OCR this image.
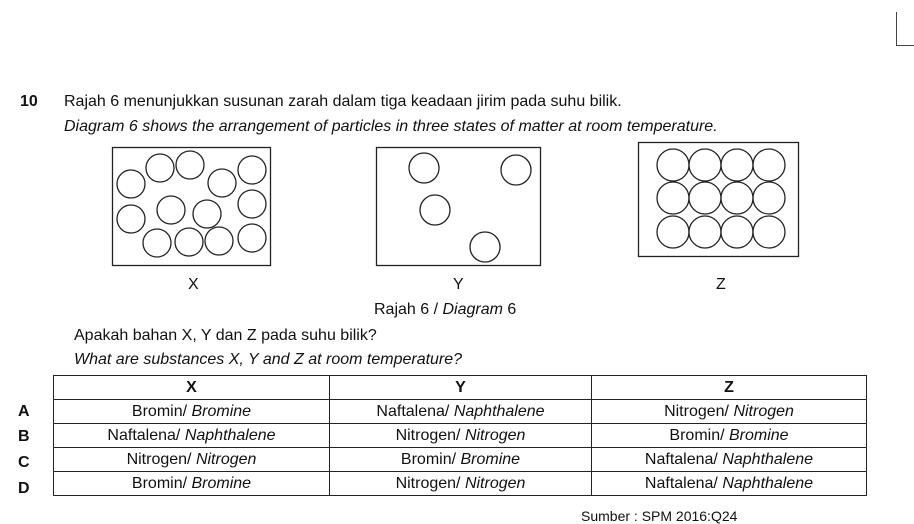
10 Rajah 6 menunjukkan susunan zarah dalam tiga keadaan jirim pada suhu bilik.
Diagram 6 shows the arrangement of particles in three states of matter at room temperature.
X	Y	Z
Rajah 6 / Diagram 6
Apakah bahan X, Y dan Z pada suhu bilik?
What are substances X, Y and Z at room temperature?
A
B
C
D
X	Y	Z
Bromin/ Bromine	Naftalena/ Naphthalene	Nitrogen/ Nitrogen
Naftalena/ Naphthalene	Nitrogen/ Nitrogen	Bromin/ Bromine
Nitrogen/ Nitrogen	Bromin/ Bromine	Naftalena/ Naphthalene
Bromin/ Bromine	Nitrogen/ Nitrogen	Naftalena/ Naphthalene
Sumber : SPM 2016:Q24
